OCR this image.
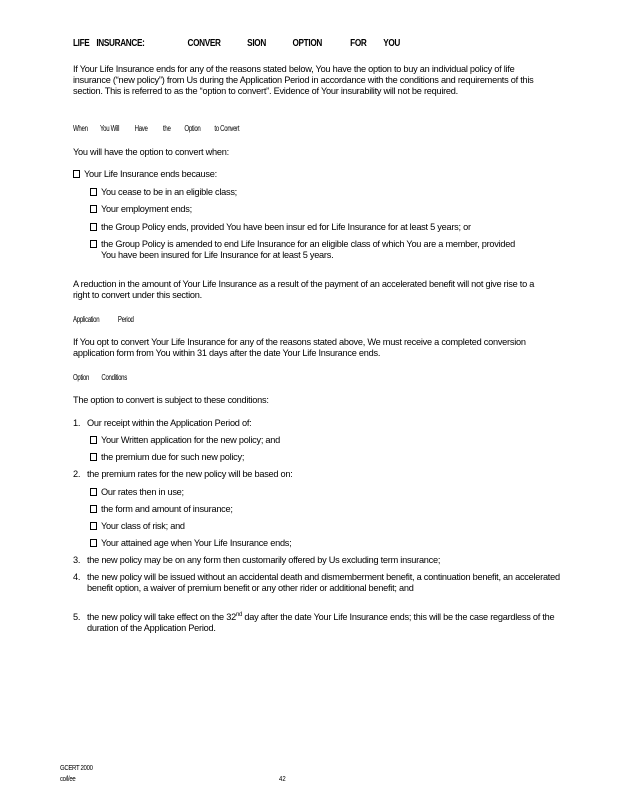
LIFE INSURANCE:	CONVER	SION	OPTION	FOR YOU
If Your Life Insurance ends for any of the reasons stated below, You have the option to buy an individual policy of life insurance (“new policy”) from Us during the Application Period in accordance with the conditions and requirements of this section. This is referred to as the “option to convert”. Evidence of Your insurability will not be required.
When You Will Have the Option to Convert
You will have the option to convert when:
Your Life Insurance ends because:
You cease to be in an eligible class;
Your employment ends;
the Group Policy ends, provided You have been insur ed for Life Insurance for at least 5 years; or
the Group Policy is amended to end Life Insurance for an eligible class of which You are a member, provided You have been insured for Life Insurance for at least 5 years.
A reduction in the amount of Your Life Insurance as a result of the payment of an accelerated benefit will not give rise to a right to convert under this section.
Application Period
If You opt to convert Your Life Insurance for any of the reasons stated above, We must receive a completed conversion application form from You within 31 days after the date Your Life Insurance ends.
Option Conditions
The option to convert is subject to these conditions:
1. Our receipt within the Application Period of:
Your Written application for the new policy; and
the premium due for such new policy;
2. the premium rates for the new policy will be based on:
Our rates then in use;
the form and amount of insurance;
Your class of risk; and
Your attained age when Your Life Insurance ends;
3. the new policy may be on any form then customarily offered by Us excluding term insurance;
4. the new policy will be issued without an accidental death and dismemberment benefit, a continuation benefit, an accelerated benefit option, a waiver of premium benefit or any other rider or additional benefit; and
5. the new policy will take effect on the 32nd day after the date Your Life Insurance ends; this will be the case regardless of the duration of the Application Period.
GCERT 2000
co/l/ee	42
